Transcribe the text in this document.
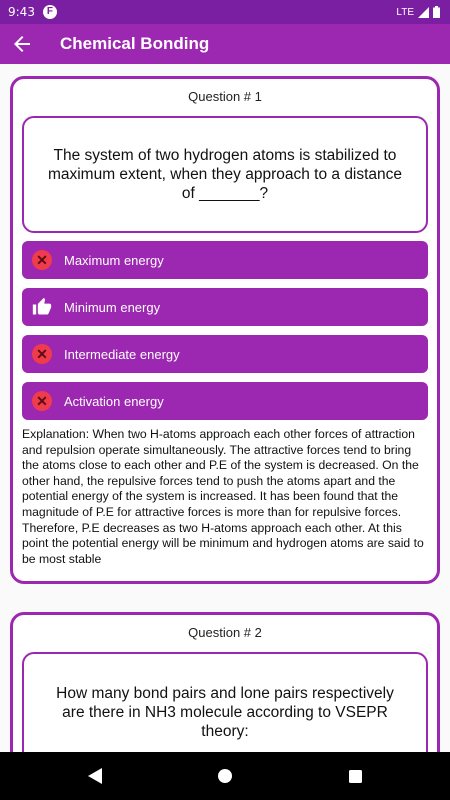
9:43 F	LTE
Chemical Bonding
Question # 1
The system of two hydrogen atoms is stabilized to maximum extent, when they approach to a distance of _______?
✕	Maximum energy
Minimum energy
✕	Intermediate energy
✕	Activation energy
Explanation: When two H-atoms approach each other forces of attraction and repulsion operate simultaneously. The attractive forces tend to bring the atoms close to each other and P.E of the system is decreased. On the other hand, the repulsive forces tend to push the atoms apart and the potential energy of the system is increased. It has been found that the magnitude of P.E for attractive forces is more than for repulsive forces. Therefore, P.E decreases as two H-atoms approach each other. At this point the potential energy will be minimum and hydrogen atoms are said to be most stable
Question # 2
How many bond pairs and lone pairs respectively are there in NH3 molecule according to VSEPR theory:
